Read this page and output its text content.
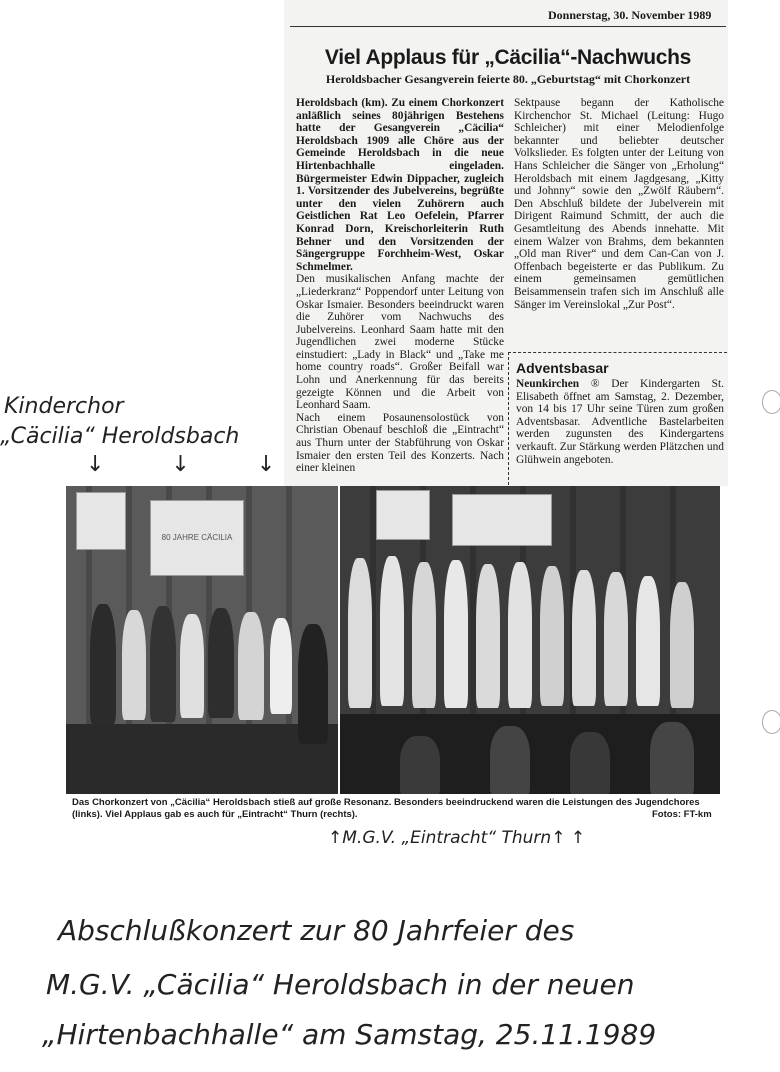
Donnerstag, 30. November 1989
Viel Applaus für „Cäcilia“-Nachwuchs
Heroldsbacher Gesangverein feierte 80. „Geburtstag“ mit Chorkonzert

Heroldsbach (km). Zu einem Chorkonzert anläßlich seines 80jährigen Bestehens hatte der Gesangverein „Cäcilia“ Heroldsbach 1909 alle Chöre aus der Gemeinde Heroldsbach in die neue Hirtenbachhalle eingeladen. Bürgermeister Edwin Dippacher, zugleich 1. Vorsitzender des Jubelvereins, begrüßte unter den vielen Zuhörern auch Geistlichen Rat Leo Oefelein, Pfarrer Konrad Dorn, Kreischorleiterin Ruth Behner und den Vorsitzenden der Sängergruppe Forchheim-West, Oskar Schmelmer.

Den musikalischen Anfang machte der „Liederkranz“ Poppendorf unter Leitung von Oskar Ismaier. Besonders beeindruckt waren die Zuhörer vom Nachwuchs des Jubelvereins. Leonhard Saam hatte mit den Jugendlichen zwei moderne Stücke einstudiert: „Lady in Black“ und „Take me home country roads“. Großer Beifall war Lohn und Anerkennung für das bereits gezeigte Können und die Arbeit von Leonhard Saam.

Nach einem Posaunensolostück von Christian Obenauf beschloß die „Eintracht“ aus Thurn unter der Stabführung von Oskar Ismaier den ersten Teil des Konzerts. Nach einer kleinen

Sektpause begann der Katholische Kirchenchor St. Michael (Leitung: Hugo Schleicher) mit einer Melodienfolge bekannter und beliebter deutscher Volkslieder. Es folgten unter der Leitung von Hans Schleicher die Sänger von „Erholung“ Heroldsbach mit einem Jagdgesang, „Kitty und Johnny“ sowie den „Zwölf Räubern“. Den Abschluß bildete der Jubelverein mit Dirigent Raimund Schmitt, der auch die Gesamtleitung des Abends innehatte. Mit einem Walzer von Brahms, dem bekannten „Old man River“ und dem Can-Can von J. Offenbach begeisterte er das Publikum. Zu einem gemeinsamen gemütlichen Beisammensein trafen sich im Anschluß alle Sänger im Vereinslokal „Zur Post“.

Adventsbasar
Neunkirchen ® Der Kindergarten St. Elisabeth öffnet am Samstag, 2. Dezember, von 14 bis 17 Uhr seine Türen zum großen Adventsbasar. Adventliche Bastelarbeiten werden zugunsten des Kindergartens verkauft. Zur Stärkung werden Plätzchen und Glühwein angeboten.
Kinderchor
„Cäcilia“ Heroldsbach
↓ ↓ ↓
80 JAHRE CÄCILIA
Das Chorkonzert von „Cäcilia“ Heroldsbach stieß auf große Resonanz. Besonders beeindruckend waren die Leistungen des Jugendchores (links). Viel Applaus gab es auch für „Eintracht“ Thurn (rechts).	Fotos: FT-km
↑M.G.V. „Eintracht“ Thurn↑ ↑
Abschlußkonzert zur 80 Jahrfeier des
M.G.V. „Cäcilia“ Heroldsbach in der neuen
„Hirtenbachhalle“ am Samstag, 25.11.1989
